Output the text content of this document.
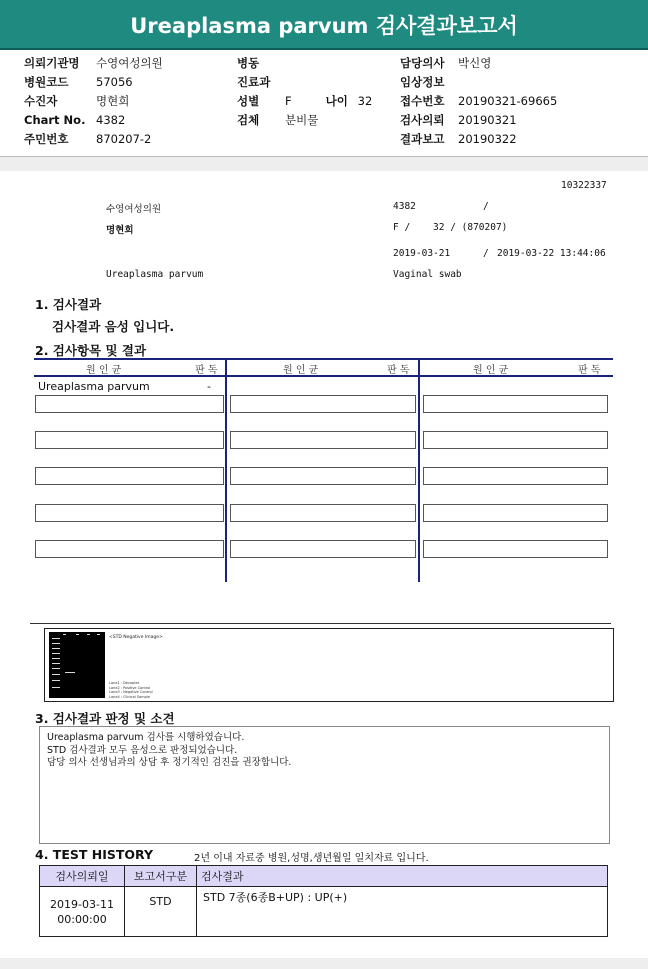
Ureaplasma parvum 검사결과보고서
의뢰기관명 수영여성의원
병원코드 57056
수진자	명현희
Chart No. 4382
주민번호 870207-2
병동
진료과
성별 F	나이 32
검체 분비물
담당의사 박신영
임상정보
접수번호 20190321-69665
검사의뢰 20190321
결과보고 20190322
10322337
수영여성의원	4382	/
명현희	F /    32 / (870207)
2019-03-21	/ 2019-03-22 13:44:06
Ureaplasma parvum	Vaginal swab
1. 검사결과
검사결과 음성 입니다.
2. 검사항목 및 결과
원 인 균	판 독	원 인 균	판 독	원 인 균	판 독
Ureaplasma parvum	-
<STD Negative Image>
Lane1 : Decoplex
Lane2 : Positive Control
Lane3 : Negative Control
Lane4 : Clinical Sample
3. 검사결과 판정 및 소견
Ureaplasma parvum 검사를 시행하였습니다.
STD 검사결과 모두 음성으로 판정되었습니다.
담당 의사 선생님과의 상담 후 정기적인 검진을 권장합니다.
4. TEST HISTORY	2년 이내 자료중 병원,성명,생년월일 일치자료 입니다.
검사의뢰일	보고서구분	검사결과

2019-03-11
00:00:00	STD	STD 7종(6종B+UP) : UP(+)
